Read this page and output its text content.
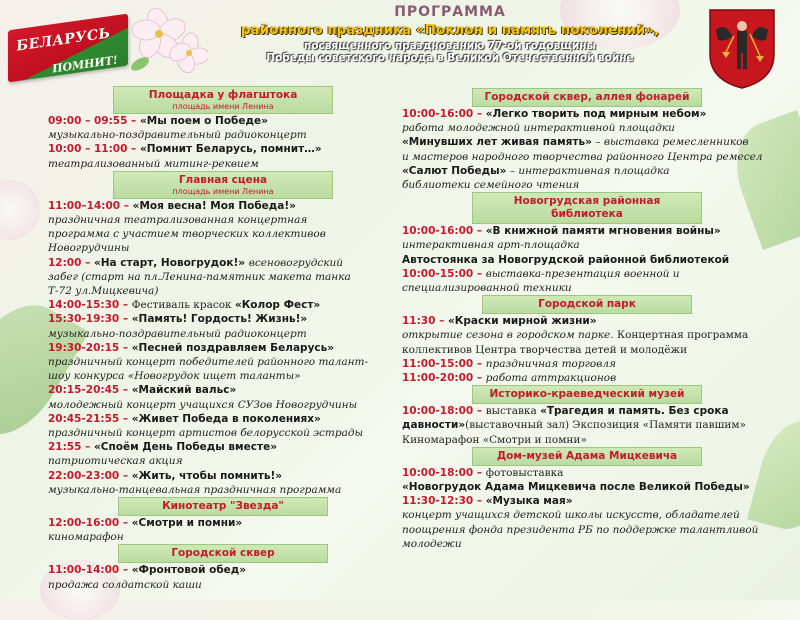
БЕЛАРУСЬ
ПОМНИТ!
ПРОГРАММА
районного праздника «Поклон и память поколений»,
посвященного празднованию 77-ой годовщины
Победы советского народа в Великой Отечественной войне
Площадка у флагштока
площадь имени Ленина
09:00 – 09:55 – «Мы поем о Победе»
музыкально-поздравительный радиоконцерт
10:00 – 11:00 – «Помнит Беларусь, помнит…»
театрализованный митинг-реквием
Главная сцена
площадь имени Ленина
11:00–14:00 – «Моя весна! Моя Победа!»
праздничная театрализованная концертная
программа с участием творческих коллективов
Новогрудчины
12:00 – «На старт, Новогрудок!» всеновогрудский
забег (старт на пл.Ленина-памятник макета танка
Т-72 ул.Мицкевича)
14:00-15:30 – Фестиваль красок «Колор Фест»
15:30-19:30 – «Память! Гордость! Жизнь!»
музыкально-поздравительный радиоконцерт
19:30-20:15 – «Песней поздравляем Беларусь»
праздничный концерт победителей районного талант-
шоу конкурса «Новогрудок ищет таланты»
20:15-20:45 – «Майский вальс»
молодежный концерт учащихся СУЗов Новогрудчины
20:45-21:55 – «Живет Победа в поколениях»
праздничный концерт артистов белорусской эстрады
21:55 – «Споём День Победы вместе»
патриотическая акция
22:00-23:00 – «Жить, чтобы помнить!»
музыкально-танцевальная праздничная программа
Кинотеатр "Звезда"
12:00-16:00 – «Смотри и помни»
киномарафон
Городской сквер
11:00-14:00 – «Фронтовой обед»
продажа солдатской каши
Городской сквер, аллея фонарей
10:00-16:00 – «Легко творить под мирным небом»
работа молодежной интерактивной площадки
«Минувших лет живая память» – выставка ремесленников
и мастеров народного творчества районного Центра ремесел
«Салют Победы» – интерактивная площадка
библиотеки семейного чтения
Новогрудская районная библиотека
10:00-16:00 – «В книжной памяти мгновения войны»
интерактивная арт-площадка
Автостоянка за Новогрудской районной библиотекой
10:00-15:00 – выставка-презентация военной и
специализированной техники
Городской парк
11:30 – «Краски мирной жизни»
открытие сезона в городском парке. Концертная программа
коллективов Центра творчества детей и молодёжи
11:00-15:00 – праздничная торговля
11:00-20:00 – работа аттракционов
Историко-краеведческий музей
10:00-18:00 – выставка «Трагедия и память. Без срока
давности»(выставочный зал) Экспозиция «Памяти павшим»
Киномарафон «Смотри и помни»
Дом-музей Адама Мицкевича
10:00-18:00 – фотовыставка
«Новогрудок Адама Мицкевича после Великой Победы»
11:30-12:30 – «Музыка мая»
концерт учащихся детской школы искусств, обладателей
поощрения фонда президента РБ по поддержке талантливой
молодежи
